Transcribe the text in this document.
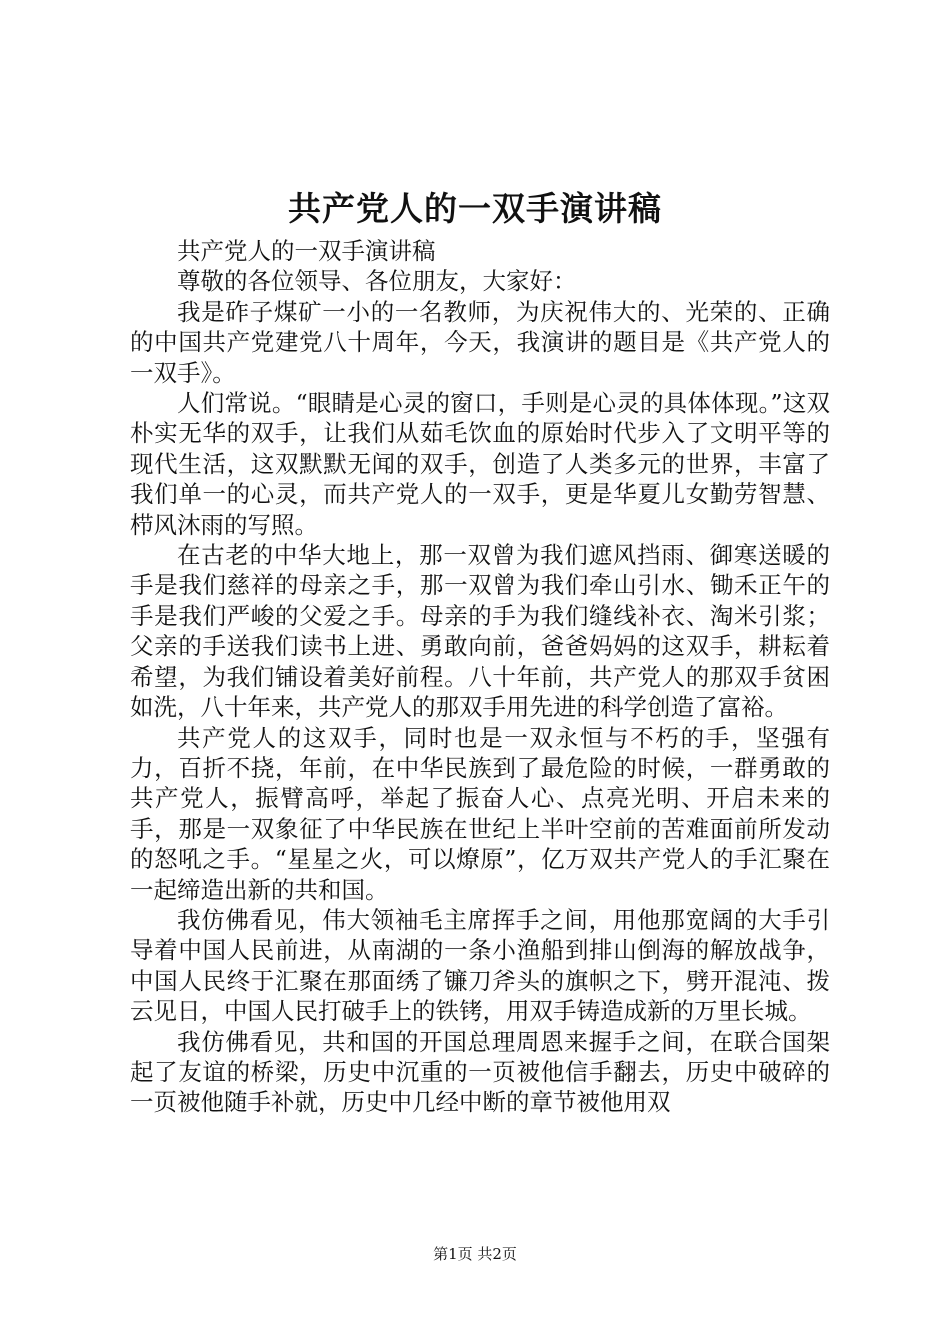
共产党人的一双手演讲稿

共产党人的一双手演讲稿

尊敬的各位领导、各位朋友，大家好：

我是砟子煤矿一小的一名教师，为庆祝伟大的、光荣的、正确的中国共产党建党八十周年，今天，我演讲的题目是《共产党人的一双手》。

人们常说。“眼睛是心灵的窗口，手则是心灵的具体体现。”这双朴实无华的双手，让我们从茹毛饮血的原始时代步入了文明平等的现代生活，这双默默无闻的双手，创造了人类多元的世界，丰富了我们单一的心灵，而共产党人的一双手，更是华夏儿女勤劳智慧、栉风沐雨的写照。

在古老的中华大地上，那一双曾为我们遮风挡雨、御寒送暖的手是我们慈祥的母亲之手，那一双曾为我们牵山引水、锄禾正午的手是我们严峻的父爱之手。母亲的手为我们缝线补衣、淘米引浆；父亲的手送我们读书上进、勇敢向前，爸爸妈妈的这双手，耕耘着希望，为我们铺设着美好前程。八十年前，共产党人的那双手贫困如洗，八十年来，共产党人的那双手用先进的科学创造了富裕。

共产党人的这双手，同时也是一双永恒与不朽的手，坚强有力，百折不挠，年前，在中华民族到了最危险的时候，一群勇敢的共产党人，振臂高呼，举起了振奋人心、点亮光明、开启未来的手，那是一双象征了中华民族在世纪上半叶空前的苦难面前所发动的怒吼之手。“星星之火，可以燎原”，亿万双共产党人的手汇聚在一起缔造出新的共和国。

我仿佛看见，伟大领袖毛主席挥手之间，用他那宽阔的大手引导着中国人民前进，从南湖的一条小渔船到排山倒海的解放战争，中国人民终于汇聚在那面绣了镰刀斧头的旗帜之下，劈开混沌、拨云见日，中国人民打破手上的铁铐，用双手铸造成新的万里长城。

我仿佛看见，共和国的开国总理周恩来握手之间，在联合国架起了友谊的桥梁，历史中沉重的一页被他信手翻去，历史中破碎的一页被他随手补就，历史中几经中断的章节被他用双

第1页 共2页
